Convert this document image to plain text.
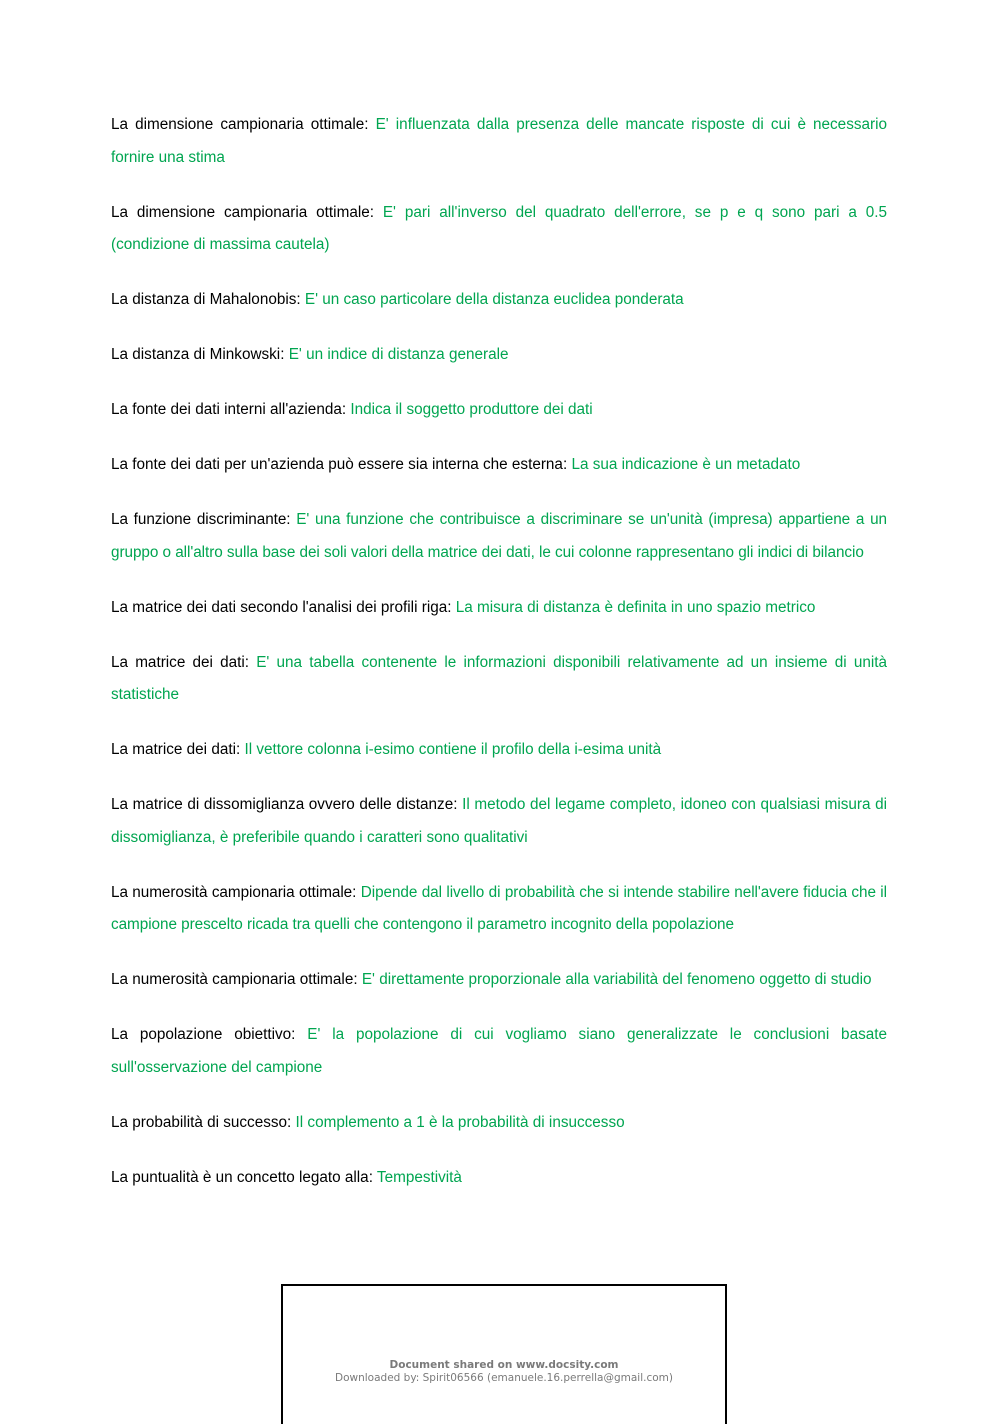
La dimensione campionaria ottimale: E' influenzata dalla presenza delle mancate risposte di cui è necessario fornire una stima

La dimensione campionaria ottimale: E' pari all'inverso del quadrato dell'errore, se p e q sono pari a 0.5 (condizione di massima cautela)

La distanza di Mahalonobis: E' un caso particolare della distanza euclidea ponderata

La distanza di Minkowski: E' un indice di distanza generale

La fonte dei dati interni all'azienda: Indica il soggetto produttore dei dati

La fonte dei dati per un'azienda può essere sia interna che esterna: La sua indicazione è un metadato

La funzione discriminante: E' una funzione che contribuisce a discriminare se un'unità (impresa) appartiene a un gruppo o all'altro sulla base dei soli valori della matrice dei dati, le cui colonne rappresentano gli indici di bilancio

La matrice dei dati secondo l'analisi dei profili riga: La misura di distanza è definita in uno spazio metrico

La matrice dei dati: E' una tabella contenente le informazioni disponibili relativamente ad un insieme di unità statistiche

La matrice dei dati: Il vettore colonna i-esimo contiene il profilo della i-esima unità

La matrice di dissomiglianza ovvero delle distanze: Il metodo del legame completo, idoneo con qualsiasi misura di dissomiglianza, è preferibile quando i caratteri sono qualitativi

La numerosità campionaria ottimale: Dipende dal livello di probabilità che si intende stabilire nell'avere fiducia che il campione prescelto ricada tra quelli che contengono il parametro incognito della popolazione

La numerosità campionaria ottimale: E' direttamente proporzionale alla variabilità del fenomeno oggetto di studio

La popolazione obiettivo: E' la popolazione di cui vogliamo siano generalizzate le conclusioni basate sull'osservazione del campione

La probabilità di successo: Il complemento a 1 è la probabilità di insuccesso

La puntualità è un concetto legato alla: Tempestività

Document shared on www.docsity.com
Downloaded by: Spirit06566 (emanuele.16.perrella@gmail.com)
